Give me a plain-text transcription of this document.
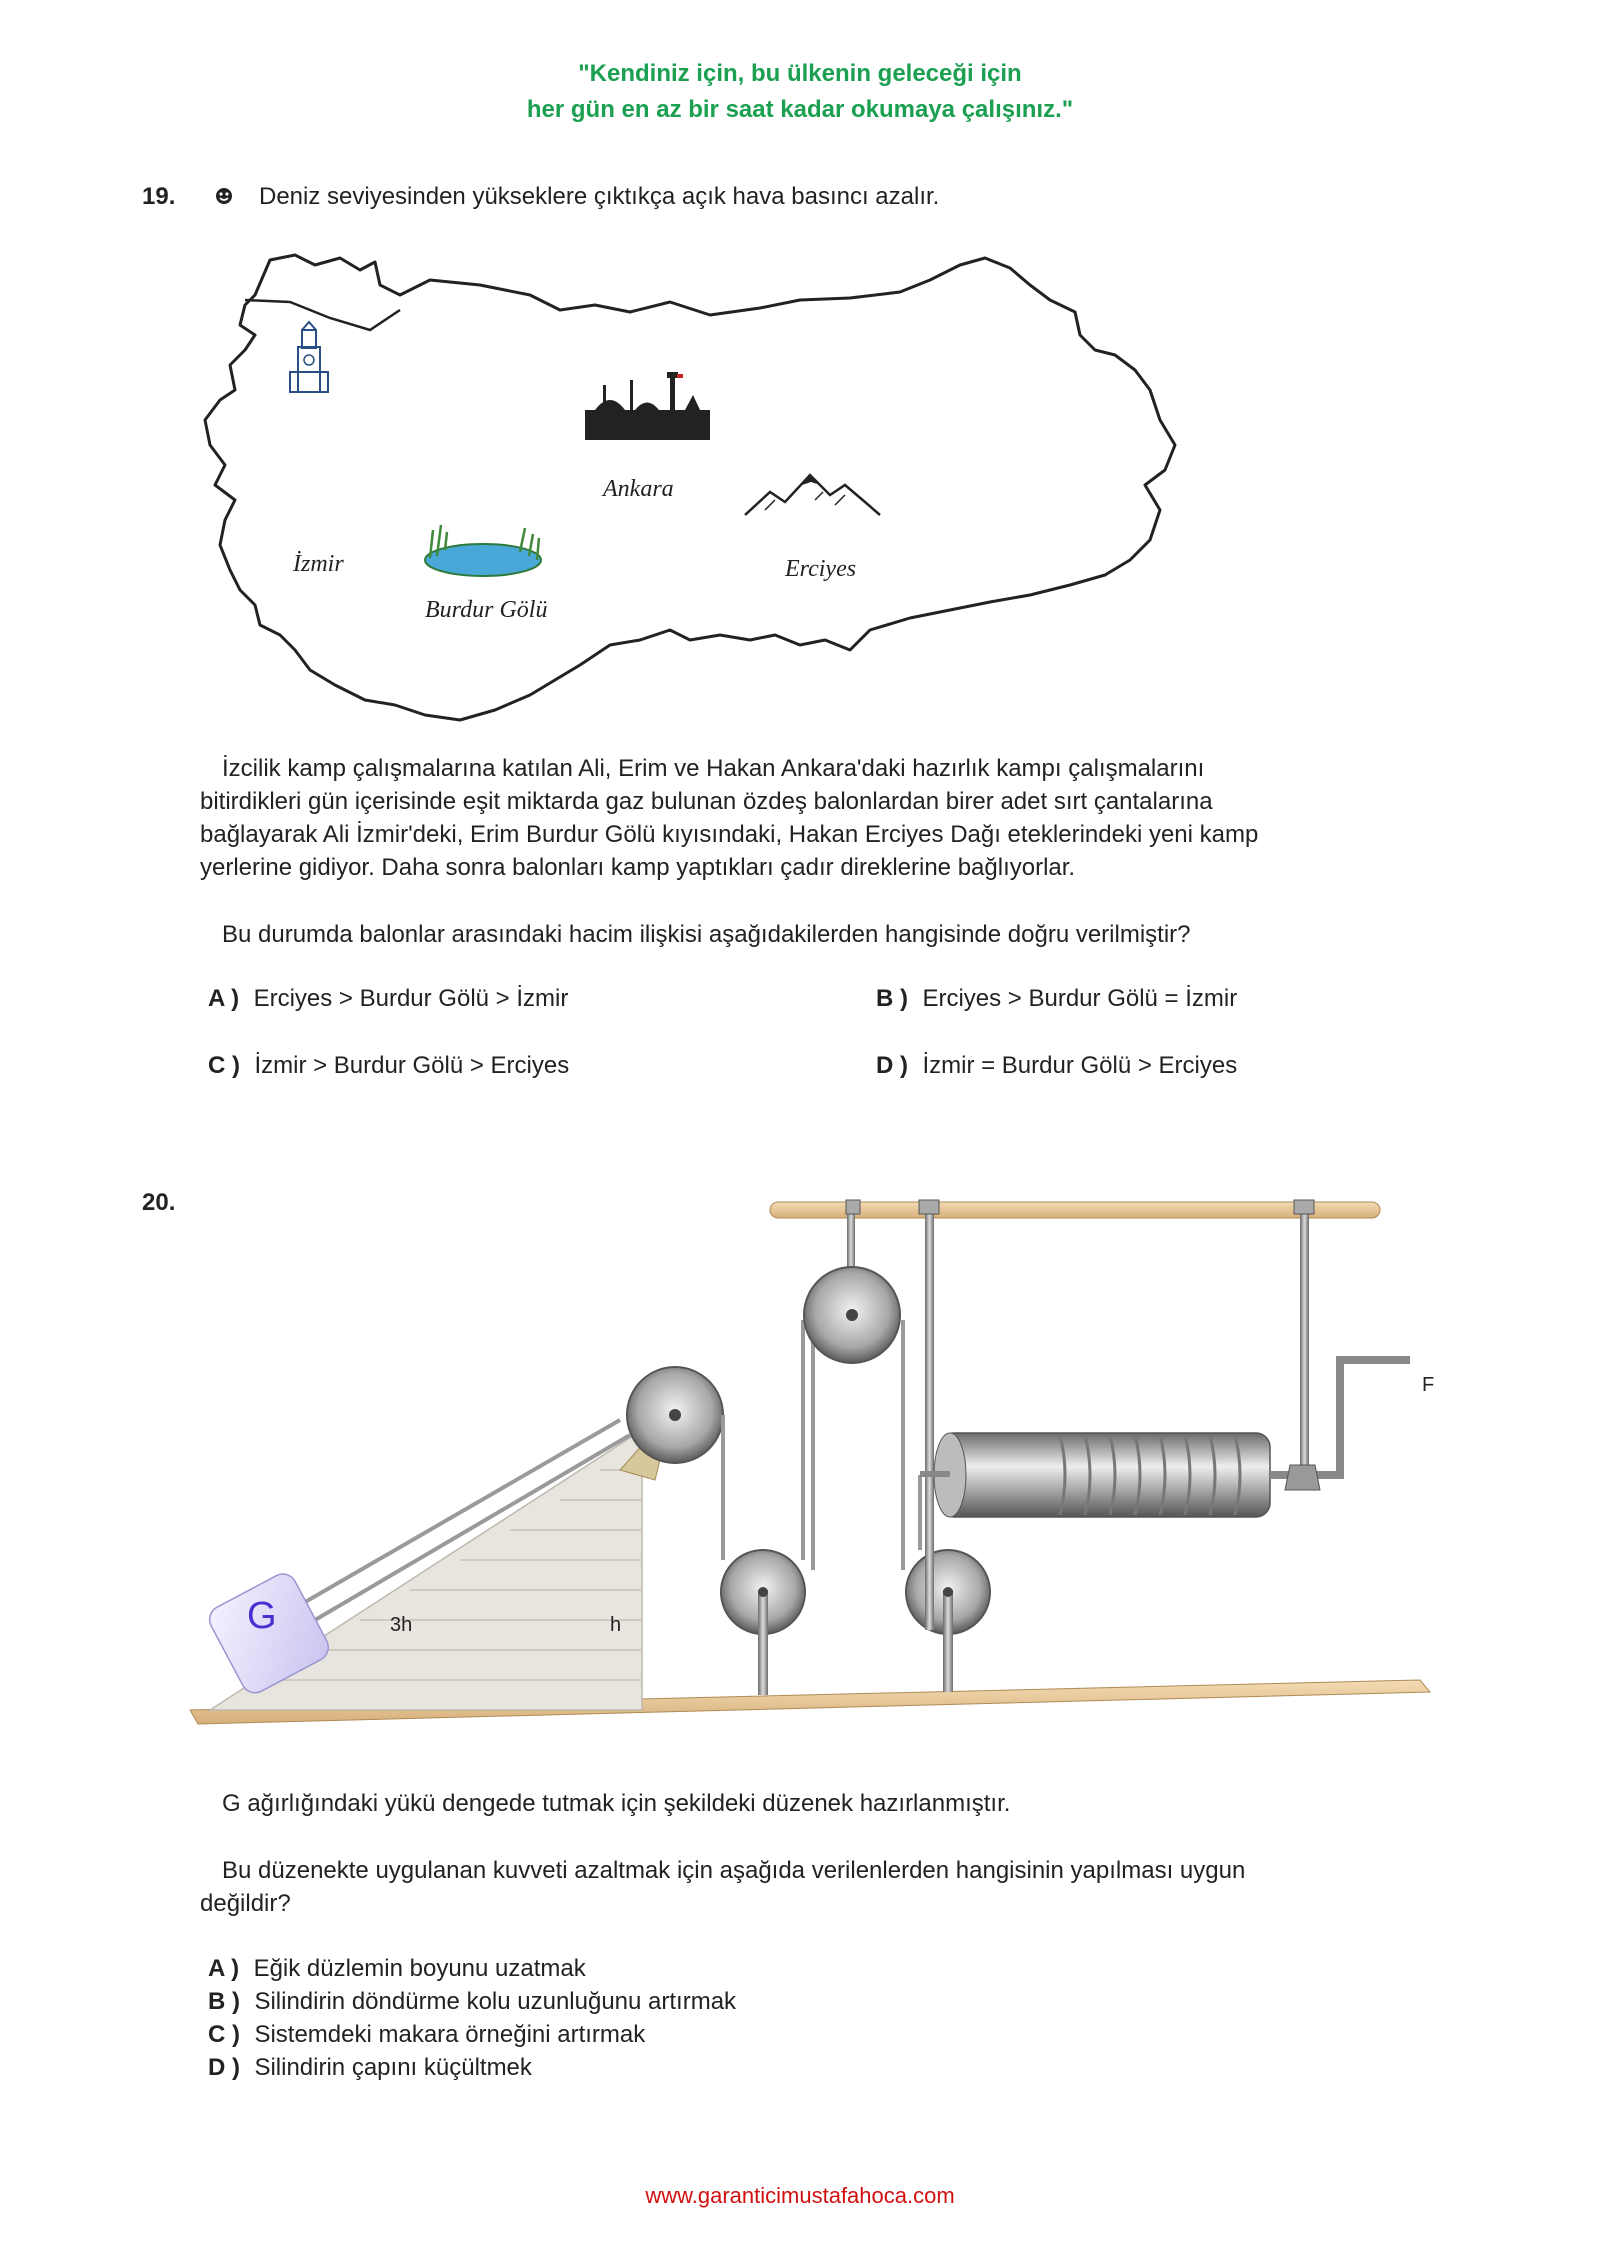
"Kendiniz için, bu ülkenin geleceği için
her gün en az bir saat kadar okumaya çalışınız."
19.	Deniz seviyesinden yükseklere çıktıkça açık hava basıncı azalır.
Ankara
İzmir
Burdur Gölü
Erciyes
İzcilik kamp çalışmalarına katılan Ali, Erim ve Hakan Ankara'daki hazırlık kampı çalışmalarını
bitirdikleri gün içerisinde eşit miktarda gaz bulunan özdeş balonlardan birer adet sırt çantalarına
bağlayarak Ali İzmir'deki, Erim Burdur Gölü kıyısındaki, Hakan Erciyes Dağı eteklerindeki yeni kamp
yerlerine gidiyor. Daha sonra balonları kamp yaptıkları çadır direklerine bağlıyorlar.
Bu durumda balonlar arasındaki hacim ilişkisi aşağıdakilerden hangisinde doğru verilmiştir?
A ) Erciyes > Burdur Gölü > İzmir	B ) Erciyes > Burdur Gölü = İzmir
C ) İzmir > Burdur Gölü > Erciyes	D ) İzmir = Burdur Gölü > Erciyes
20.
G	3h	h
F
G ağırlığındaki yükü dengede tutmak için şekildeki düzenek hazırlanmıştır.
Bu düzenekte uygulanan kuvveti azaltmak için aşağıda verilenlerden hangisinin yapılması uygun
değildir?
A ) Eğik düzlemin boyunu uzatmak
B ) Silindirin döndürme kolu uzunluğunu artırmak
C ) Sistemdeki makara örneğini artırmak
D ) Silindirin çapını küçültmek
www.garanticimustafahoca.com
